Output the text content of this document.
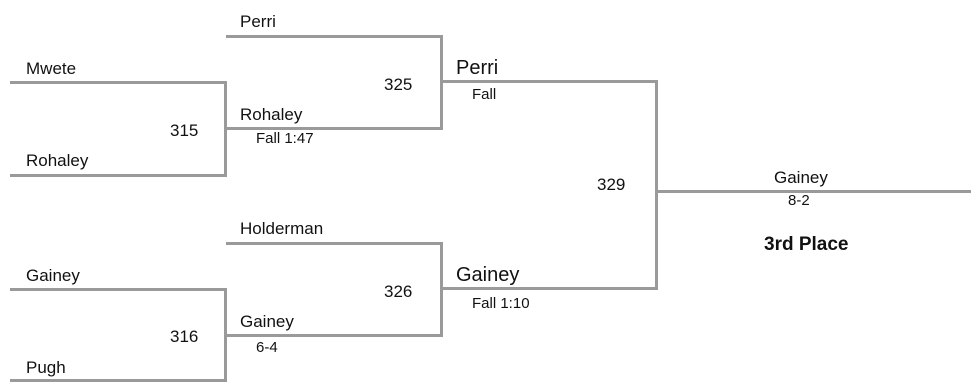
Mwete
Rohaley
315
Gainey
Pugh
316
Perri
Rohaley
Fall 1:47
325
Holderman
Gainey
6-4
326
Perri
Fall
Gainey
Fall 1:10
329	Gainey
8-2
3rd Place
